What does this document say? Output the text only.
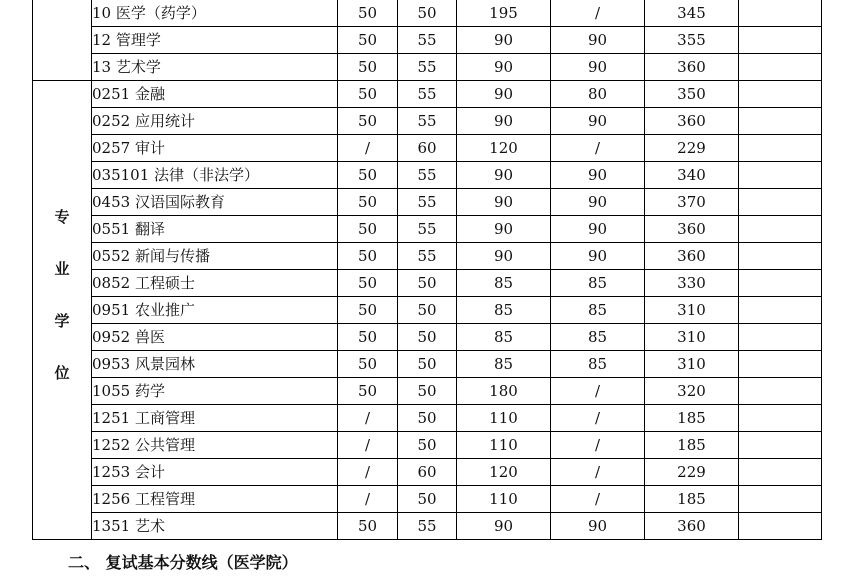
	10 医学（药学）	50	50	195	/	345	
	12 管理学	50	55	90	90	355	
	13 艺术学	50	55	90	90	360	

专
业
学
位	0251 金融	50	55	90	80	350	
	0252 应用统计	50	55	90	90	360	
	0257 审计	/	60	120	/	229	
	035101 法律（非法学）	50	55	90	90	340	
	0453 汉语国际教育	50	55	90	90	370	
	0551 翻译	50	55	90	90	360	
	0552 新闻与传播	50	55	90	90	360	
	0852 工程硕士	50	50	85	85	330	
	0951 农业推广	50	50	85	85	310	
	0952 兽医	50	50	85	85	310	
	0953 风景园林	50	50	85	85	310	
	1055 药学	50	50	180	/	320	
	1251 工商管理	/	50	110	/	185	
	1252 公共管理	/	50	110	/	185	
	1253 会计	/	60	120	/	229	
	1256 工程管理	/	50	110	/	185	
	1351 艺术	50	55	90	90	360	
二、 复试基本分数线（医学院）
